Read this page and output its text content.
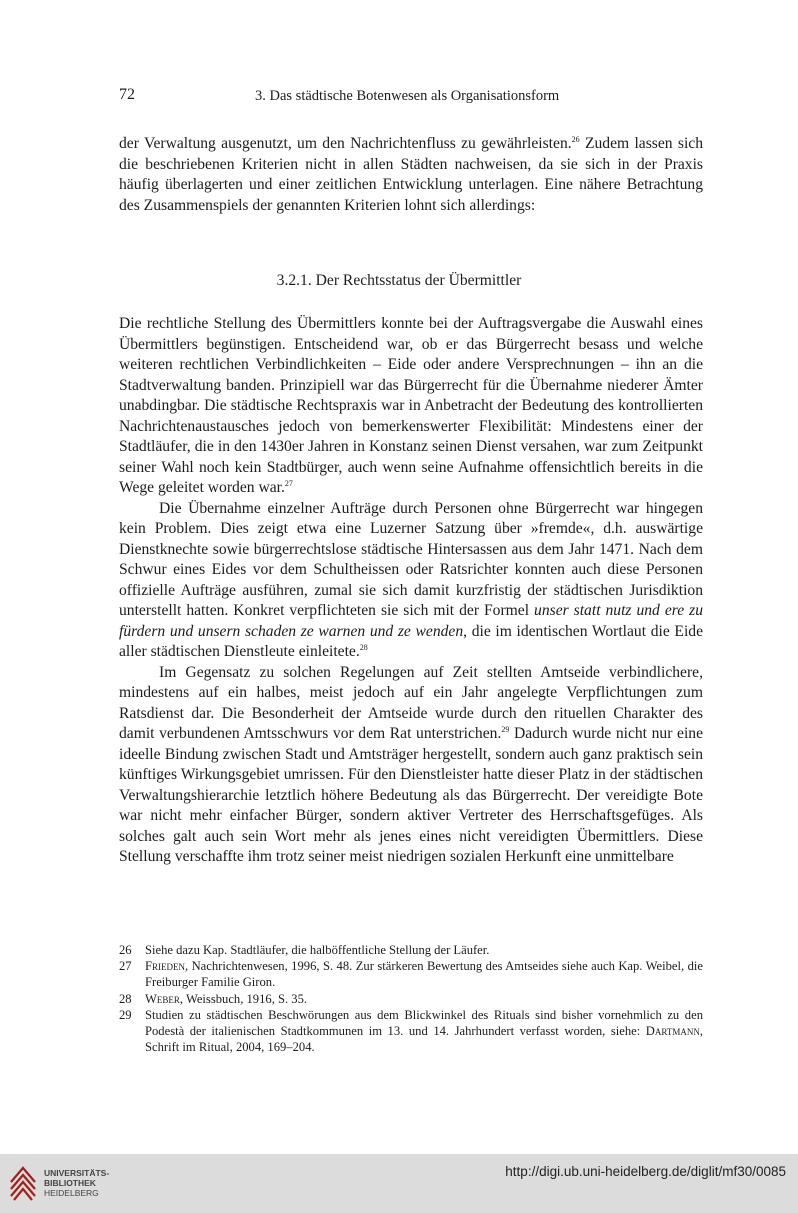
72	3. Das städtische Botenwesen als Organisationsform

der Verwaltung ausgenutzt, um den Nachrichtenfluss zu gewährleisten.$^{26}$ Zudem lassen sich die beschriebenen Kriterien nicht in allen Städten nachweisen, da sie sich in der Praxis häufig überlagerten und einer zeitlichen Entwicklung unterlagen. Eine nähere Betrachtung des Zusammenspiels der genannten Kriterien lohnt sich allerdings:

3.2.1. Der Rechtsstatus der Übermittler

Die rechtliche Stellung des Übermittlers konnte bei der Auftragsvergabe die Auswahl eines Übermittlers begünstigen. Entscheidend war, ob er das Bürgerrecht besass und welche weiteren rechtlichen Verbindlichkeiten – Eide oder andere Versprechnungen – ihn an die Stadtverwaltung banden. Prinzipiell war das Bürgerrecht für die Übernahme niederer Ämter unabdingbar. Die städtische Rechtspraxis war in Anbetracht der Bedeutung des kontrollierten Nachrichtenaustausches jedoch von bemerkenswerter Flexibilität: Mindestens einer der Stadtläufer, die in den 1430er Jahren in Konstanz seinen Dienst versahen, war zum Zeitpunkt seiner Wahl noch kein Stadtbürger, auch wenn seine Aufnahme offensichtlich bereits in die Wege geleitet worden war.$^{27}$

Die Übernahme einzelner Aufträge durch Personen ohne Bürgerrecht war hingegen kein Problem. Dies zeigt etwa eine Luzerner Satzung über »fremde«, d.h. auswärtige Dienstknechte sowie bürgerrechtslose städtische Hintersassen aus dem Jahr 1471. Nach dem Schwur eines Eides vor dem Schultheissen oder Ratsrichter konnten auch diese Personen offizielle Aufträge ausführen, zumal sie sich damit kurzfristig der städtischen Jurisdiktion unterstellt hatten. Konkret verpflichteten sie sich mit der Formel unser statt nutz und ere zu fürdern und unsern schaden ze warnen und ze wenden, die im identischen Wortlaut die Eide aller städtischen Dienstleute einleitete.$^{28}$

Im Gegensatz zu solchen Regelungen auf Zeit stellten Amtseide verbindlichere, mindestens auf ein halbes, meist jedoch auf ein Jahr angelegte Verpflichtungen zum Ratsdienst dar. Die Besonderheit der Amtseide wurde durch den rituellen Charakter des damit verbundenen Amtsschwurs vor dem Rat unterstrichen.$^{29}$ Dadurch wurde nicht nur eine ideelle Bindung zwischen Stadt und Amtsträger hergestellt, sondern auch ganz praktisch sein künftiges Wirkungsgebiet umrissen. Für den Dienstleister hatte dieser Platz in der städtischen Verwaltungshierarchie letztlich höhere Bedeutung als das Bürgerrecht. Der vereidigte Bote war nicht mehr einfacher Bürger, sondern aktiver Vertreter des Herrschaftsgefüges. Als solches galt auch sein Wort mehr als jenes eines nicht vereidigten Übermittlers. Diese Stellung verschaffte ihm trotz seiner meist niedrigen sozialen Herkunft eine unmittelbare

26	Siehe dazu Kap. Stadtläufer, die halböffentliche Stellung der Läufer.
27	Frieden, Nachrichtenwesen, 1996, S. 48. Zur stärkeren Bewertung des Amtseides siehe auch Kap. Weibel, die Freiburger Familie Giron.
28	Weber, Weissbuch, 1916, S. 35.
29	Studien zu städtischen Beschwörungen aus dem Blickwinkel des Rituals sind bisher vornehmlich zu den Podestà der italienischen Stadtkommunen im 13. und 14. Jahrhundert verfasst worden, siehe: Dartmann, Schrift im Ritual, 2004, 169–204.
UNIVERSITÄTS-
BIBLIOTHEK
HEIDELBERG
http://digi.ub.uni-heidelberg.de/diglit/mf30/0085
